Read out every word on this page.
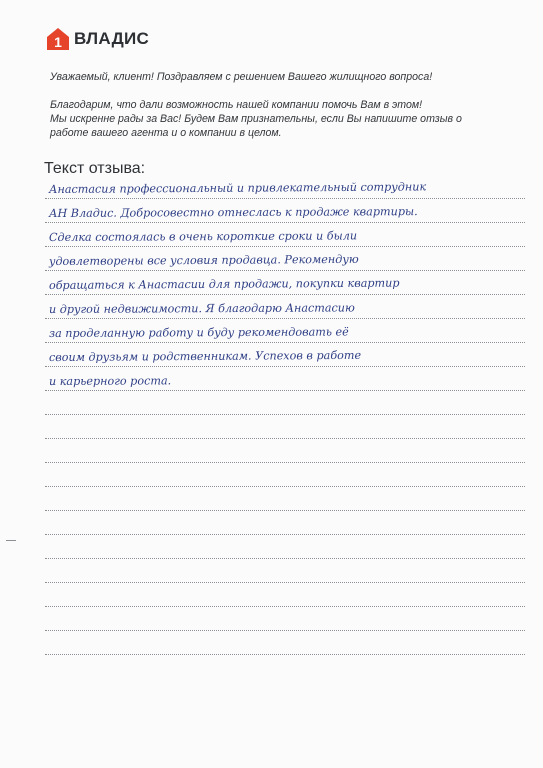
1 ВЛАДИС
Уважаемый, клиент! Поздравляем с решением Вашего жилищного вопроса!
Благодарим, что дали возможность нашей компании помочь Вам в этом!
Мы искренне рады за Вас! Будем Вам признательны, если Вы напишите отзыв о работе вашего агента и о компании в целом.
Текст отзыва:
Анастасия профессиональный и привлекательный сотрудник
АН Владис. Добросовестно отнеслась к продаже квартиры.
Сделка состоялась в очень короткие сроки и были
удовлетворены все условия продавца. Рекомендую
обращаться к Анастасии для продажи, покупки квартир
и другой недвижимости. Я благодарю Анастасию
за проделанную работу и буду рекомендовать её
своим друзьям и родственникам. Успехов в работе
и карьерного роста.
